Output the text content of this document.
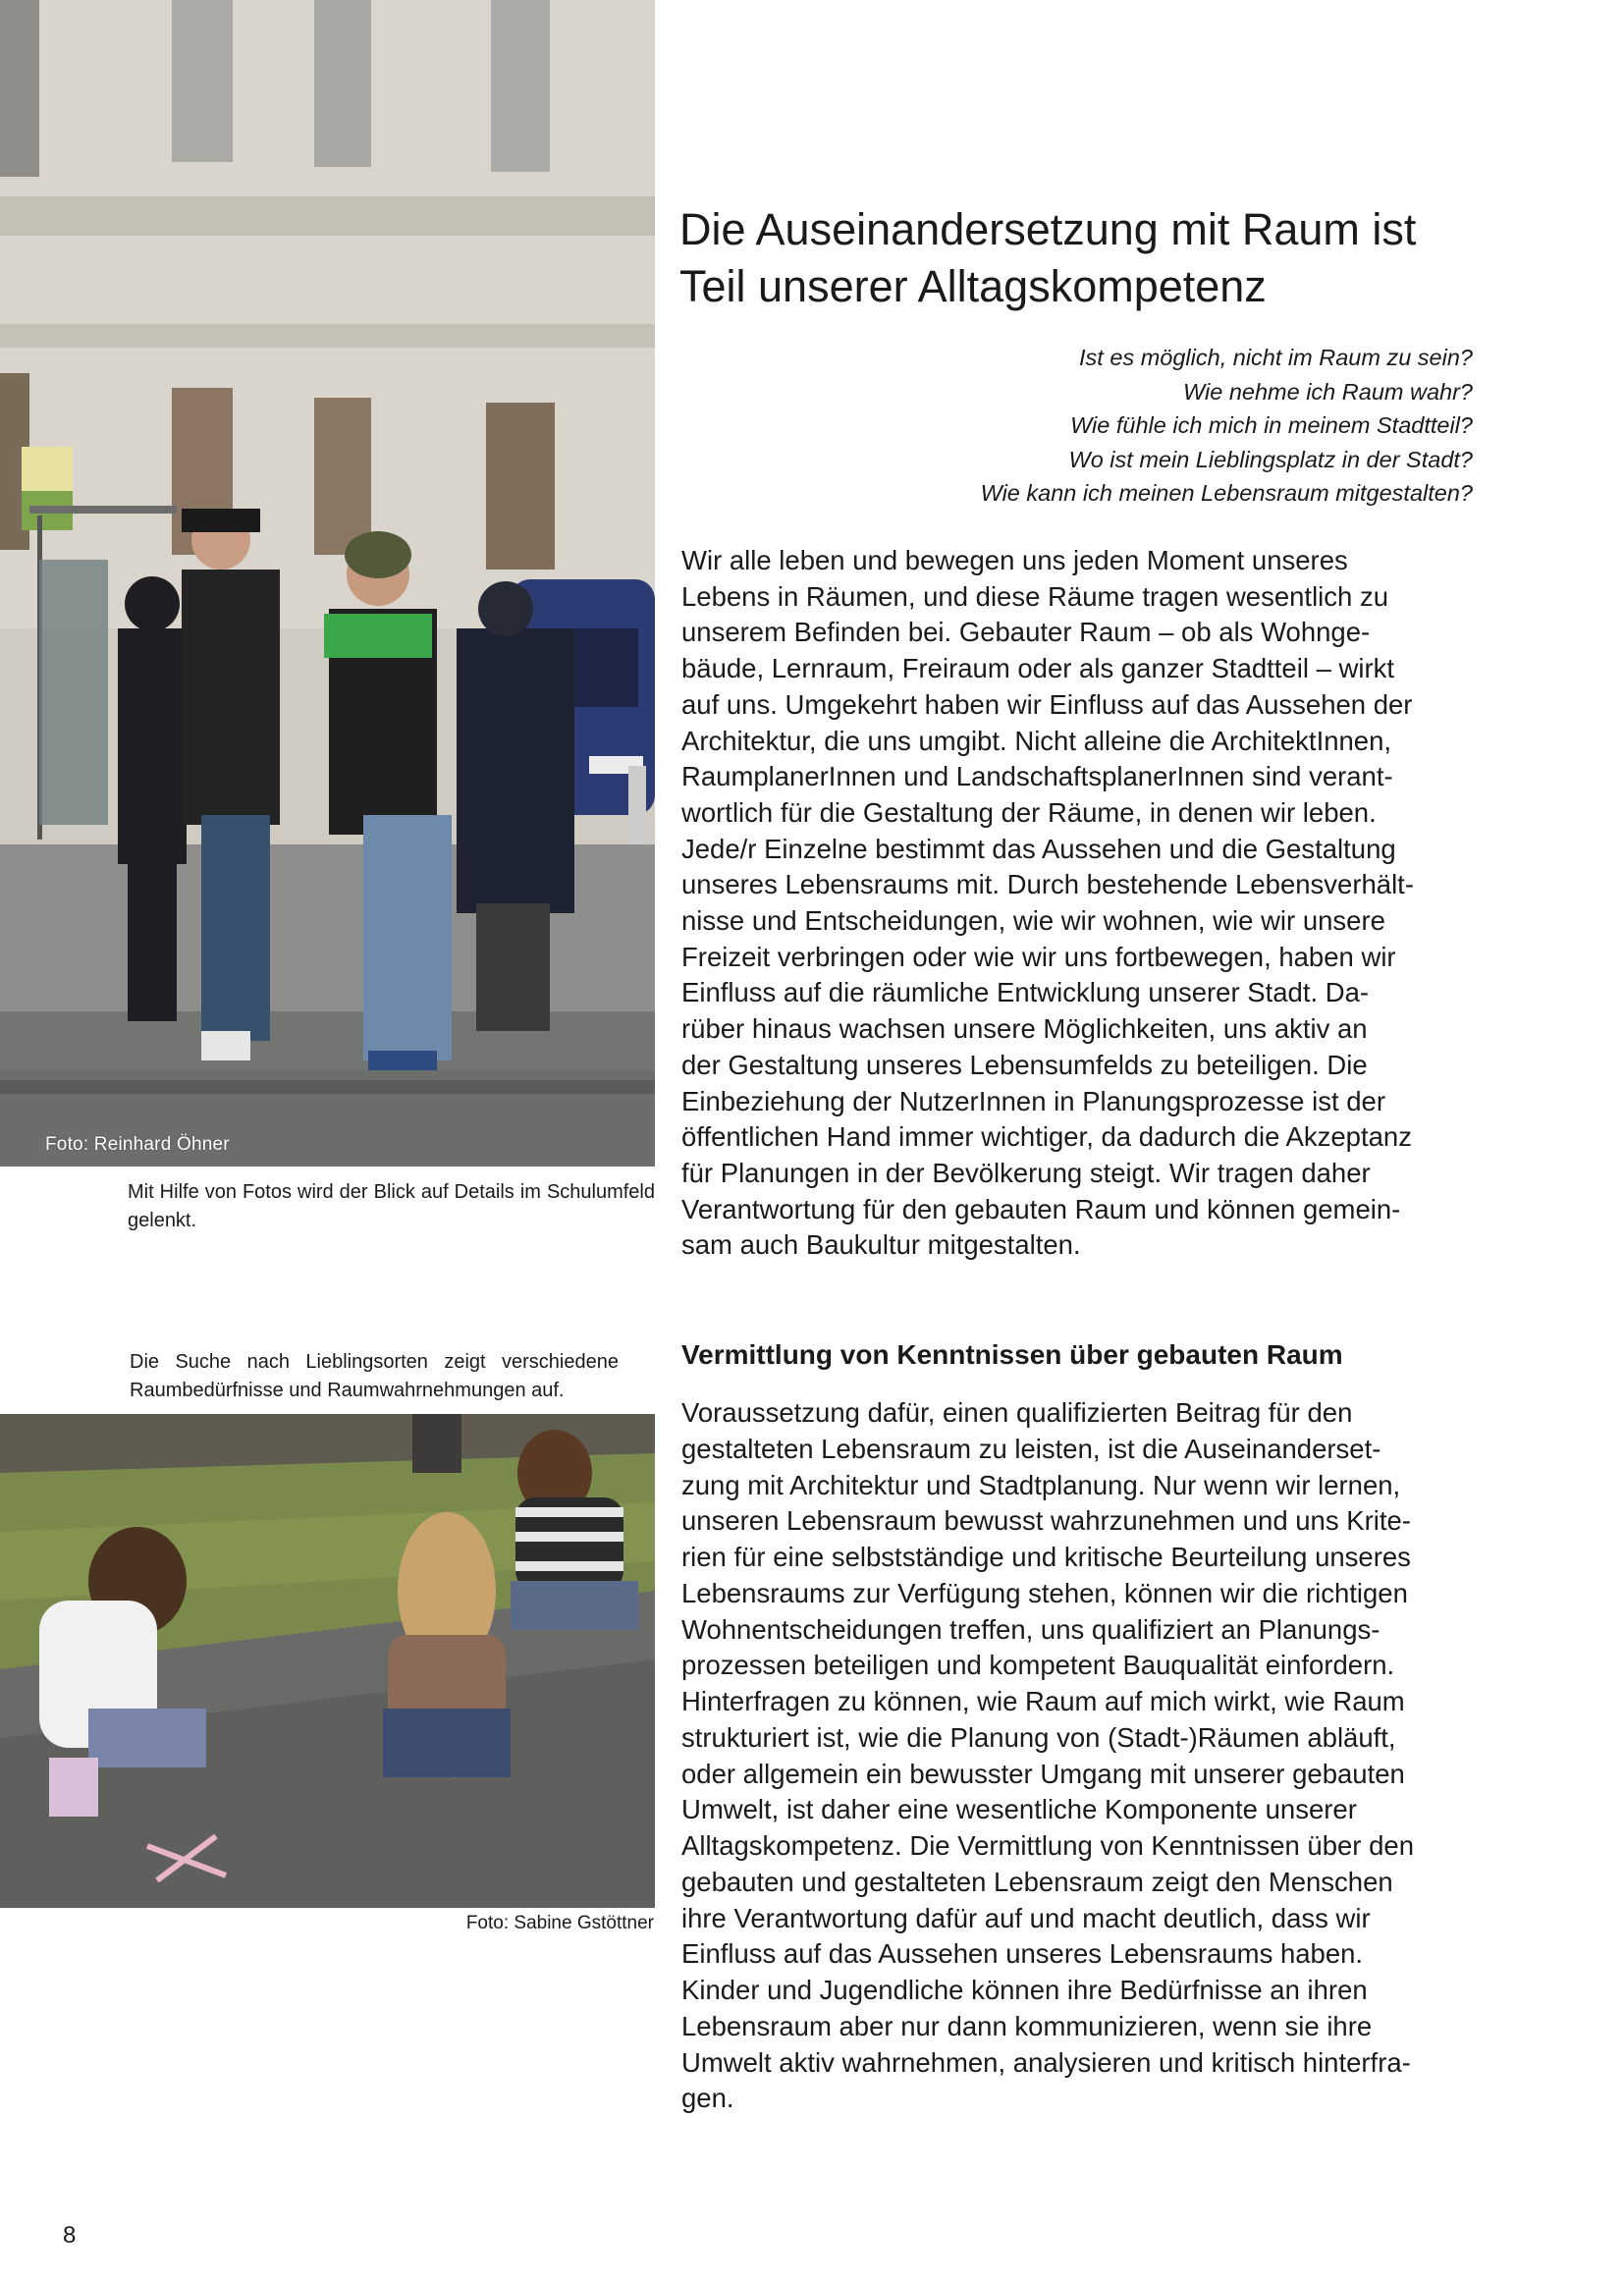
Foto: Reinhard Öhner
Mit Hilfe von Fotos wird der Blick auf Details im Schulumfeld gelenkt.
Die Auseinandersetzung mit Raum ist
Teil unserer Alltagskompetenz
Ist es möglich, nicht im Raum zu sein?
Wie nehme ich Raum wahr?
Wie fühle ich mich in meinem Stadtteil?
Wo ist mein Lieblingsplatz in der Stadt?
Wie kann ich meinen Lebensraum mitgestalten?
Wir alle leben und bewegen uns jeden Moment unseres
Lebens in Räumen, und diese Räume tragen wesentlich zu
unserem Befinden bei. Gebauter Raum – ob als Wohnge-
bäude, Lernraum, Freiraum oder als ganzer Stadtteil – wirkt
auf uns. Umgekehrt haben wir Einfluss auf das Aussehen der
Architektur, die uns umgibt. Nicht alleine die ArchitektInnen,
RaumplanerInnen und LandschaftsplanerInnen sind verant-
wortlich für die Gestaltung der Räume, in denen wir leben.
Jede/r Einzelne bestimmt das Aussehen und die Gestaltung
unseres Lebensraums mit. Durch bestehende Lebensverhält-
nisse und Entscheidungen, wie wir wohnen, wie wir unsere
Freizeit verbringen oder wie wir uns fortbewegen, haben wir
Einfluss auf die räumliche Entwicklung unserer Stadt. Da-
rüber hinaus wachsen unsere Möglichkeiten, uns aktiv an
der Gestaltung unseres Lebensumfelds zu beteiligen. Die
Einbeziehung der NutzerInnen in Planungsprozesse ist der
öffentlichen Hand immer wichtiger, da dadurch die Akzeptanz
für Planungen in der Bevölkerung steigt. Wir tragen daher
Verantwortung für den gebauten Raum und können gemein-
sam auch Baukultur mitgestalten.
Die Suche nach Lieblingsorten zeigt verschiedene Raumbedürfnisse und Raumwahrnehmungen auf.
Foto: Sabine Gstöttner
Vermittlung von Kenntnissen über gebauten Raum
Voraussetzung dafür, einen qualifizierten Beitrag für den
gestalteten Lebensraum zu leisten, ist die Auseinanderset-
zung mit Architektur und Stadtplanung. Nur wenn wir lernen,
unseren Lebensraum bewusst wahrzunehmen und uns Krite-
rien für eine selbstständige und kritische Beurteilung unseres
Lebensraums zur Verfügung stehen, können wir die richtigen
Wohnentscheidungen treffen, uns qualifiziert an Planungs-
prozessen beteiligen und kompetent Bauqualität einfordern.
Hinterfragen zu können, wie Raum auf mich wirkt, wie Raum
strukturiert ist, wie die Planung von (Stadt-)Räumen abläuft,
oder allgemein ein bewusster Umgang mit unserer gebauten
Umwelt, ist daher eine wesentliche Komponente unserer
Alltagskompetenz. Die Vermittlung von Kenntnissen über den
gebauten und gestalteten Lebensraum zeigt den Menschen
ihre Verantwortung dafür auf und macht deutlich, dass wir
Einfluss auf das Aussehen unseres Lebensraums haben.
Kinder und Jugendliche können ihre Bedürfnisse an ihren
Lebensraum aber nur dann kommunizieren, wenn sie ihre
Umwelt aktiv wahrnehmen, analysieren und kritisch hinterfra-
gen.
8
